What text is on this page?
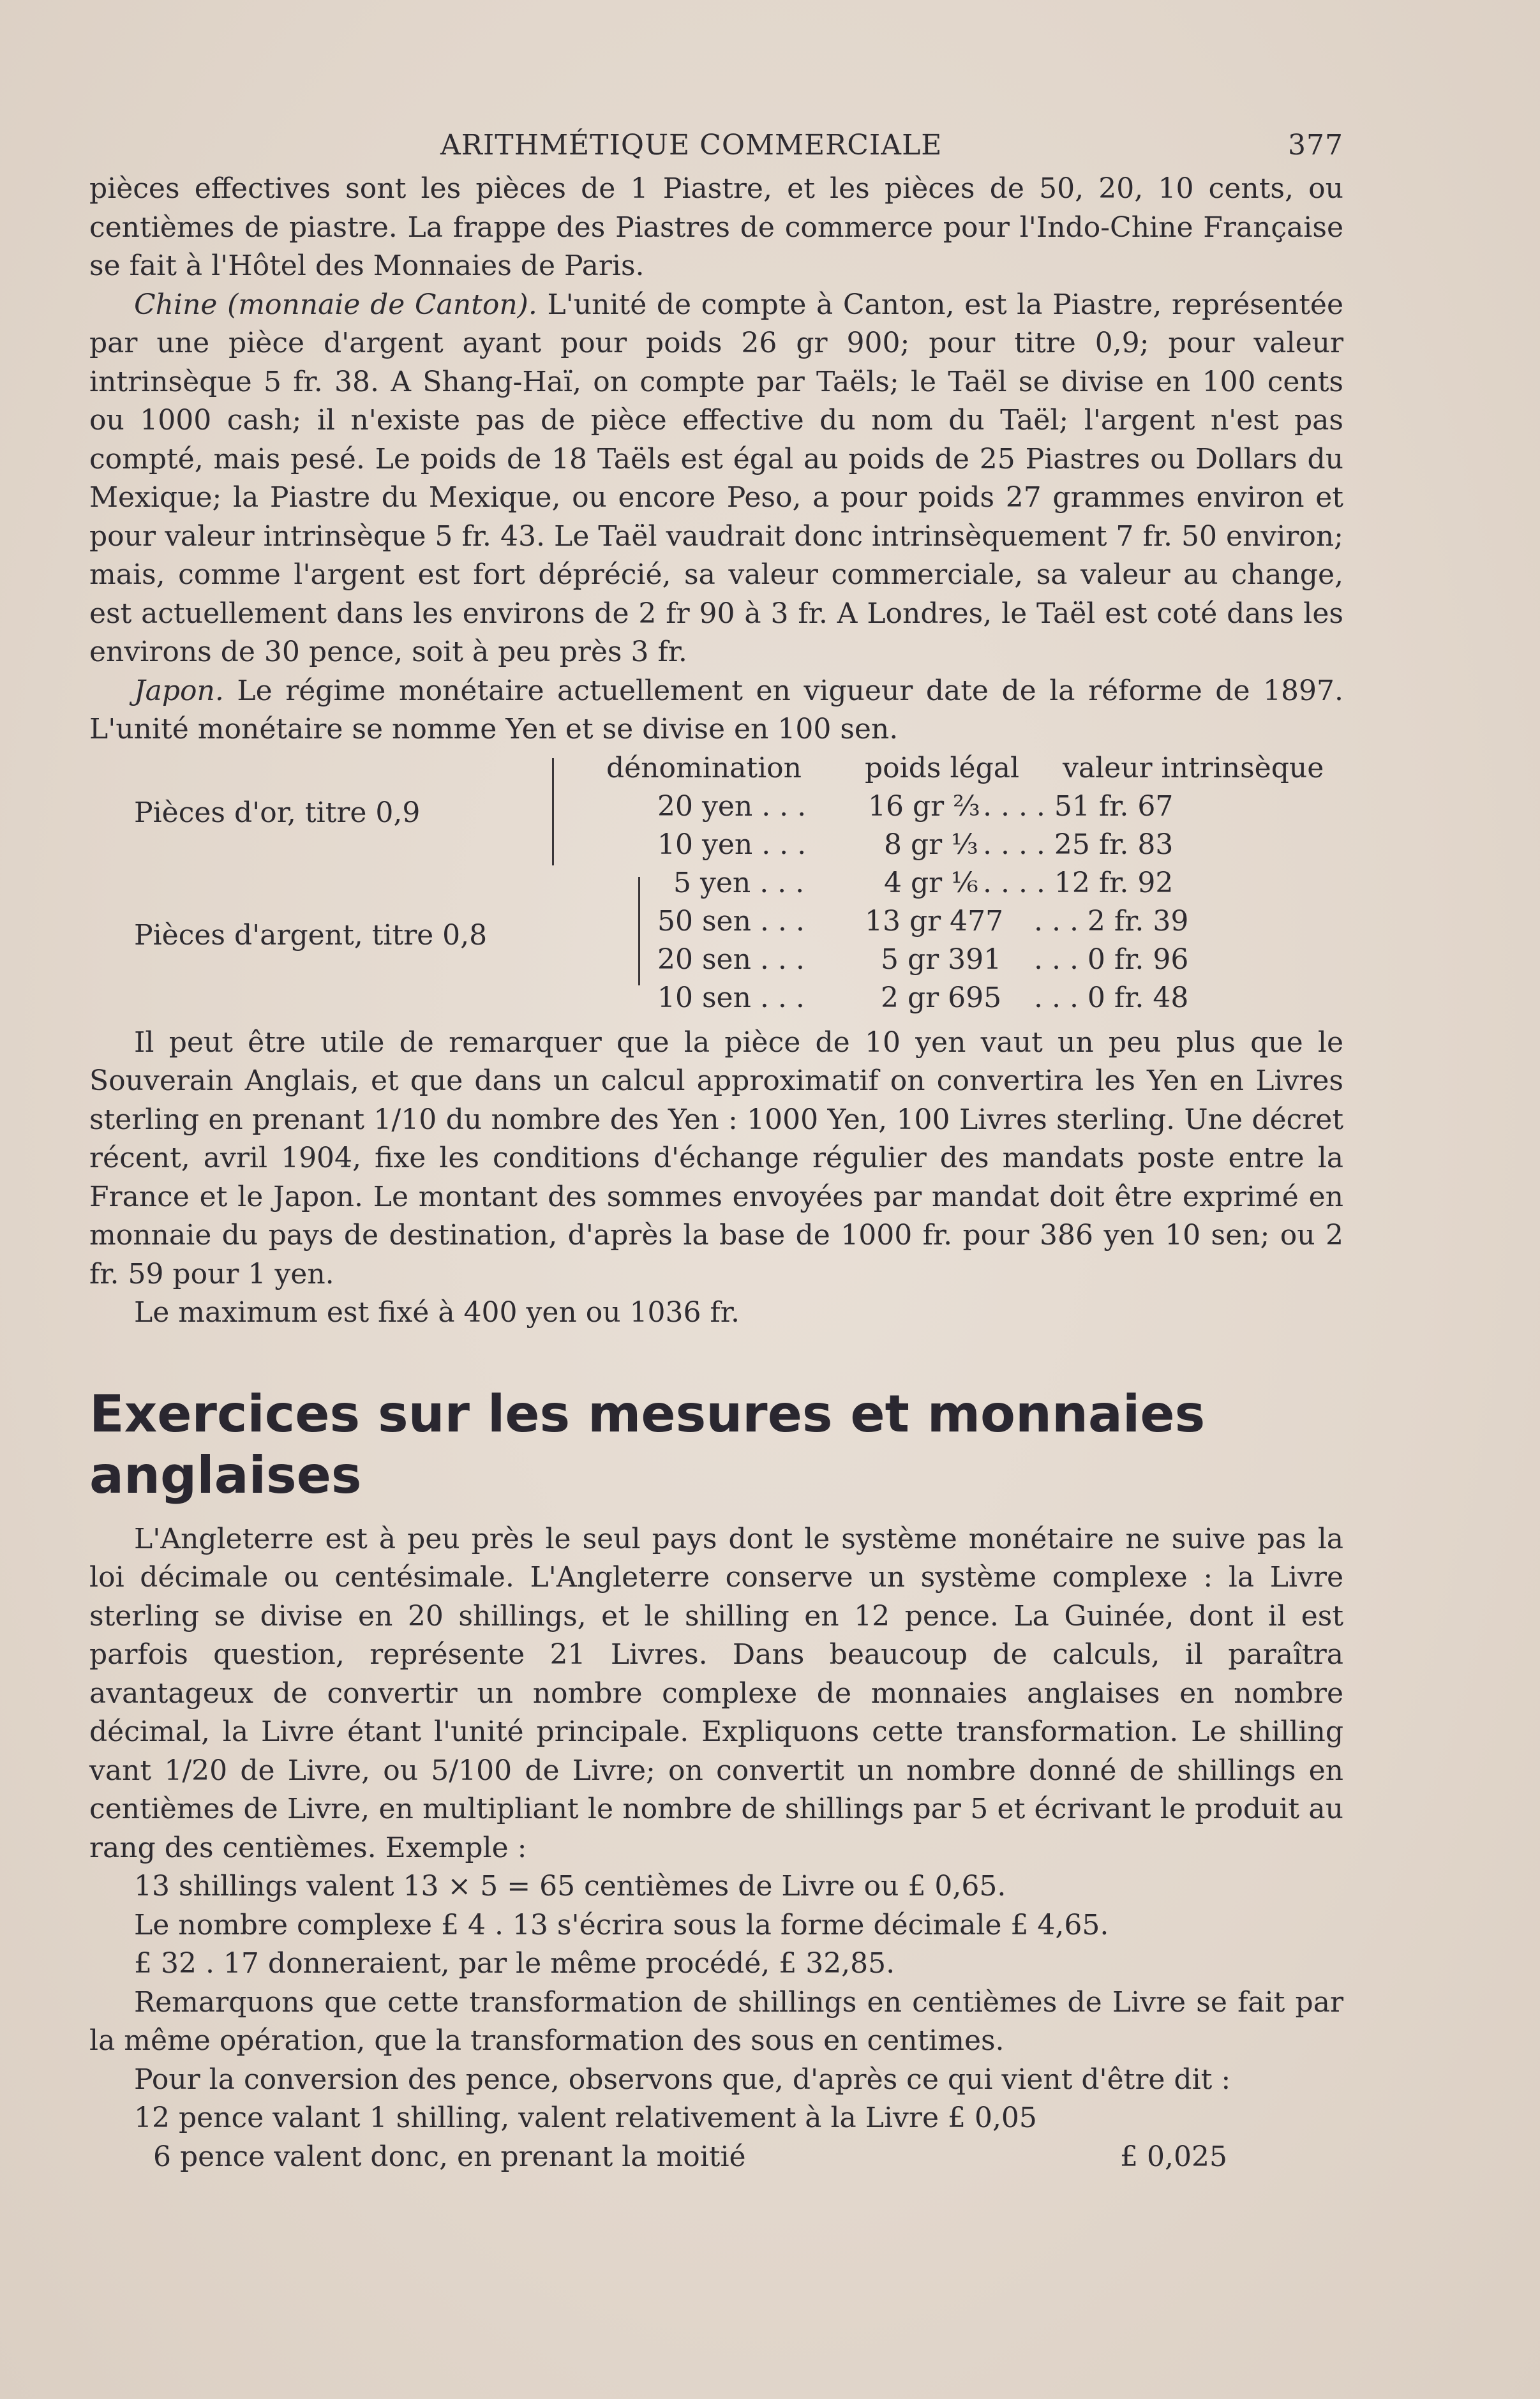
ARITHMÉTIQUE COMMERCIALE	377

pièces effectives sont les pièces de 1 Piastre, et les pièces de 50, 20, 10 cents, ou centièmes de piastre. La frappe des Piastres de commerce pour l'Indo-Chine Française se fait à l'Hôtel des Monnaies de Paris.

Chine (monnaie de Canton). L'unité de compte à Canton, est la Piastre, représentée par une pièce d'argent ayant pour poids 26 gr 900; pour titre 0,9; pour valeur intrinsèque 5 fr. 38. A Shang-Haï, on compte par Taëls; le Taël se divise en 100 cents ou 1000 cash; il n'existe pas de pièce effective du nom du Taël; l'argent n'est pas compté, mais pesé. Le poids de 18 Taëls est égal au poids de 25 Piastres ou Dollars du Mexique; la Piastre du Mexique, ou encore Peso, a pour poids 27 grammes environ et pour valeur intrinsèque 5 fr. 43. Le Taël vaudrait donc intrinsèquement 7 fr. 50 environ; mais, comme l'argent est fort déprécié, sa valeur commerciale, sa valeur au change, est actuellement dans les environs de 2 fr 90 à 3 fr. A Londres, le Taël est coté dans les environs de 30 pence, soit à peu près 3 fr.

Japon. Le régime monétaire actuellement en vigueur date de la réforme de 1897. L'unité monétaire se nomme Yen et se divise en 100 sen.

dénomination poids légal valeur intrinsèque
Pièces d'or, titre 0,9	20 yen . . . 16 gr ⅔ . . . . 51 fr. 67
10 yen . . .	8 gr ⅓ . . . . 25 fr. 83
5 yen . . .	4 gr ⅙ . . . . 12 fr. 92
Pièces d'argent, titre 0,8	50 sen . . . 13 gr 477 . . . 2 fr. 39
20 sen . . .	5 gr 391 . . . 0 fr. 96
10 sen . . .	2 gr 695 . . . 0 fr. 48

Il peut être utile de remarquer que la pièce de 10 yen vaut un peu plus que le Souverain Anglais, et que dans un calcul approximatif on convertira les Yen en Livres sterling en prenant 1/10 du nombre des Yen : 1000 Yen, 100 Livres sterling. Une décret récent, avril 1904, fixe les conditions d'échange régulier des mandats poste entre la France et le Japon. Le montant des sommes envoyées par mandat doit être exprimé en monnaie du pays de destination, d'après la base de 1000 fr. pour 386 yen 10 sen; ou 2 fr. 59 pour 1 yen.

Le maximum est fixé à 400 yen ou 1036 fr.

Exercices sur les mesures et monnaies anglaises

L'Angleterre est à peu près le seul pays dont le système monétaire ne suive pas la loi décimale ou centésimale. L'Angleterre conserve un système complexe : la Livre sterling se divise en 20 shillings, et le shilling en 12 pence. La Guinée, dont il est parfois question, représente 21 Livres. Dans beaucoup de calculs, il paraîtra avantageux de convertir un nombre complexe de monnaies anglaises en nombre décimal, la Livre étant l'unité principale. Expliquons cette transformation. Le shilling vant 1/20 de Livre, ou 5/100 de Livre; on convertit un nombre donné de shillings en centièmes de Livre, en multipliant le nombre de shillings par 5 et écrivant le produit au rang des centièmes. Exemple :

13 shillings valent 13 × 5 = 65 centièmes de Livre ou £ 0,65.

Le nombre complexe £ 4 . 13 s'écrira sous la forme décimale £ 4,65.

£ 32 . 17 donneraient, par le même procédé, £ 32,85.

Remarquons que cette transformation de shillings en centièmes de Livre se fait par la même opération, que la transformation des sous en centimes.

Pour la conversion des pence, observons que, d'après ce qui vient d'être dit :

12 pence valant 1 shilling, valent relativement à la Livre £ 0,05

6 pence valent donc, en prenant la moitié	£ 0,025
